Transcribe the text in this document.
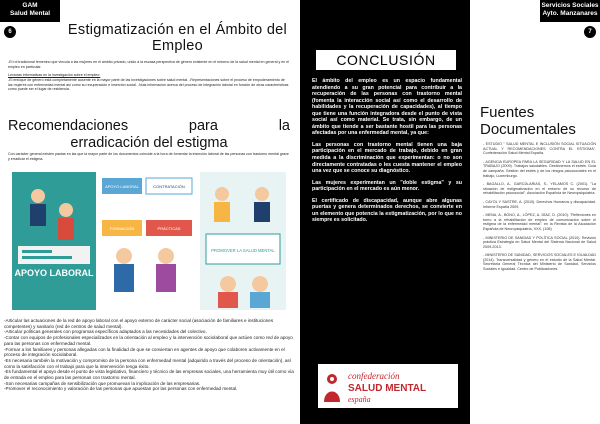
GAM
Salud Mental
6	Estigmatización en el Ámbito del Empleo
-El rol tradicional femenino que vincula a las mujeres en el ámbito privado, unido a la escasa perspectiva de género existente en el entorno de la salud mental en general y en el empleo en particular.
Lecturas informativas en la investigación sobre el empleo:
-El enfoque de género está completamente ausente en la mayor parte de las investigaciones sobre salud mental. -Representaciones sobre el proceso de empoderamiento de las mujeres con enfermedad mental así como su recuperación e inserción social. -Nula información acerca del proceso de integración laboral en función de otras características como puede ser el lugar de residencia.
Recomendaciones	para	la
erradicación del estigma
Con carácter general existen pautas en las que la mayor parte de los documentos coincide a la hora de fomentar la inserción laboral de las personas con trastorno mental grave y erradicar el estigma.
APOYO LABORAL
APOYO LABORAL	CONTRATACIÓN
FORMACIÓN	PRÁCTICAS
PROMOVER LA SALUD MENTAL
-Articular las actuaciones de la red de apoyo laboral con el apoyo externo de carácter social (asociación de familiares e instituciones competentes) y sanitario (red de centros de salud mental).
-Articular políticas generales con programas específicos adaptados a las necesidades del colectivo.
-Contar con equipos de profesionales especializados en la orientación al empleo y la intervención sociolaboral que actúen como red de apoyo para las personas con enfermedad mental.
-Formar a los familiares y personas allegadas con la finalidad de que se conviertan en agentes de apoyo que colaboren activamente en el proceso de integración sociolaboral.
-Es necesaria también la motivación y compromiso de la persona con enfermedad mental (adquirido a través del proceso de orientación), así como la satisfacción con el trabajo para que la intervención tenga éxito.
-Es fundamental el apoyo desde el punto de vista legislativo, financiero y técnico de las empresas sociales, una herramienta muy útil como vía de entrada en el empleo para las personas con trastorno mental.
-Son necesarias campañas de sensibilización que promuevan la implicación de las empresarias.
-Promover el reconocimiento y valoración de las personas que apuestan por las personas con enfermedad mental.
Servicios Sociales
Ayto. Manzanares
7
CONCLUSIÓN

El ámbito del empleo es un espacio fundamental atendiendo a su gran potencial para contribuir a la recuperación de las personas con trastorno mental (fomenta la interacción social así como el desarrollo de habilidades y la recuperación de capacidades), al tiempo que tiene una función integradora desde el punto de vista social así como material. Se trata, sin embargo, de un ámbito que tiende a ser bastante hostil para las personas afectadas por una enfermedad mental, ya que:

Las personas con trastorno mental tienen una baja participación en el mercado de trabajo, debido en gran medida a la discriminación que experimentan: o no son directamente contratadas o les cuesta mantener el empleo una vez que se conoce su diagnóstico.

Las mujeres experimentan un "doble estigma" y su participación en el mercado es aún menor.

El certificado de discapacidad, aunque abre algunas puertas y genera determinados derechos, se convierte en un elemento que potencia la estigmatización, por lo que no siempre es solicitado.

confederación
SALUD MENTAL
españa
Fuentes Documentales

- ESTUDIO " SALUD MENTAL E INCLUSIÓN SOCIAL SITUACIÓN ACTUAL Y RECOMENDACIONES CONTRA EL ESTIGMA". Confederación Salud Mental España.

- AGENCIA EUROPEA PARA LA SEGURIDAD Y LA SALUD EN EL TRABAJO (2009). Trabajos saludables. Gestionemos el estrés. Guía de campaña. Gestión del estrés y de los riesgos psicosociales en el trabajo, Luxemburgo.

- BAGALLO, A., GARCÍA-ARIAS, S., YELAMOS C. (2001). "La situación de estigmatización en el entorno de su recurso de rehabilitación psicosocial". Asociación Española de Neuropsiquiatría.

- CAYOL Y SASTRE, A. (2010). Derechos Humanos y discapacidad. Informe España 2009.

- MENA, A., BONO, A., LÓPEZ, A. DÍAZ, D. (2010). "Reflexiones en torno a la rehabilitación de empleo de comunicación sobre el estigma de la enfermedad mental". en la Revista de la Asociación Española de Neuropsiquiatría, XXX, (108)

- MINISTERIO DE SANIDAD Y POLÍTICA SOCIAL (2010). Revisión práctica Estrategia en Salud Mental del Sistema Nacional de Salud 2009-2013.

- MINISTERIO DE SANIDAD, SERVICIOS SOCIALES E IGUALDAD (2014). Transversalidad y género en el estudio de la Salud Mental. Secretaría General Técnica del Ministerio de Sanidad, Servicios Sociales e Igualdad. Centro de Publicaciones.
